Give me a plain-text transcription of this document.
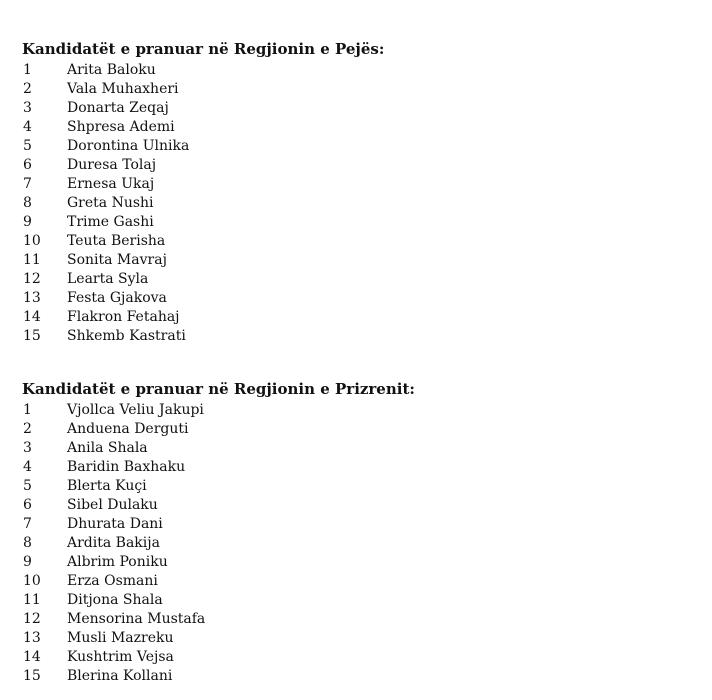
Kandidatët e pranuar në Regjionin e Pejës:
1	Arita Baloku
2	Vala Muhaxheri
3	Donarta Zeqaj
4	Shpresa Ademi
5	Dorontina Ulnika
6	Duresa Tolaj
7	Ernesa Ukaj
8	Greta Nushi
9	Trime Gashi
10	Teuta Berisha
11	Sonita Mavraj
12	Learta Syla
13	Festa Gjakova
14	Flakron Fetahaj
15	Shkemb Kastrati
Kandidatët e pranuar në Regjionin e Prizrenit:
1	Vjollca Veliu Jakupi
2	Anduena Derguti
3	Anila Shala
4	Baridin Baxhaku
5	Blerta Kuçi
6	Sibel Dulaku
7	Dhurata Dani
8	Ardita Bakija
9	Albrim Poniku
10	Erza Osmani
11	Ditjona Shala
12	Mensorina Mustafa
13	Musli Mazreku
14	Kushtrim Vejsa
15	Blerina Kollani
